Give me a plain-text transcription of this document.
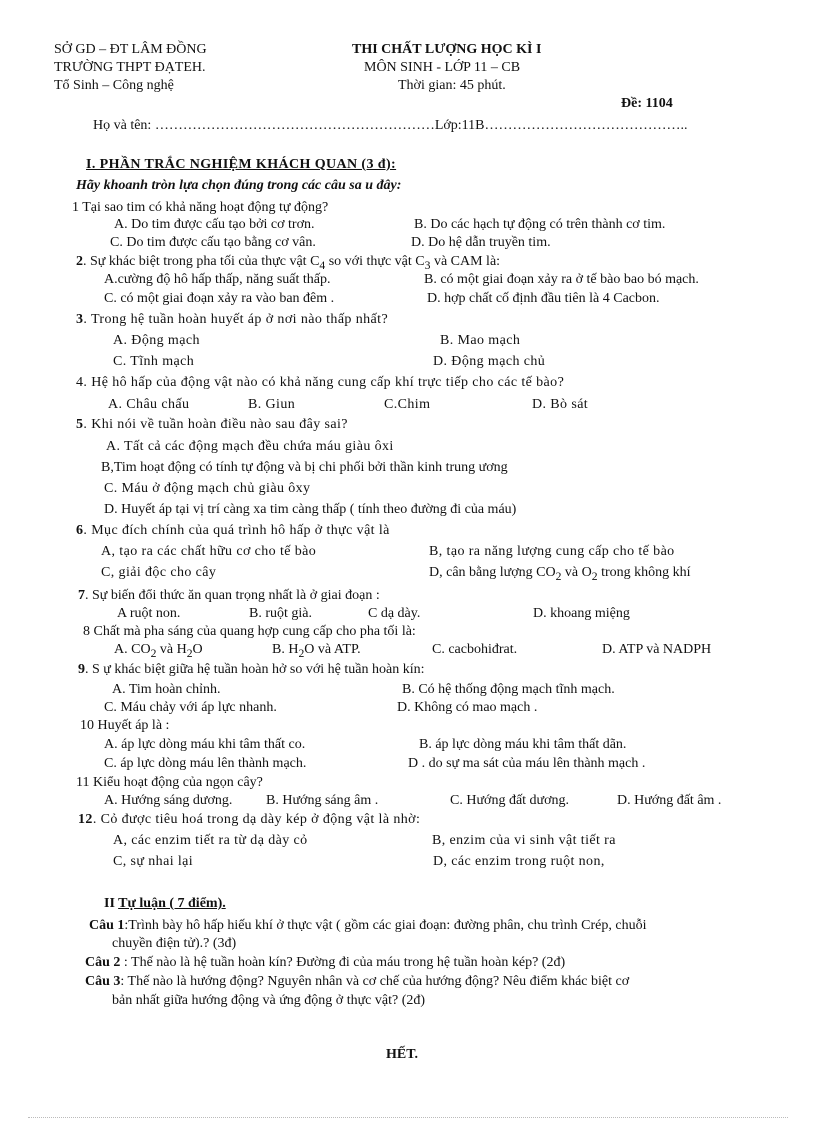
SỞ GD – ĐT LÂM ĐỒNG
TRƯỜNG THPT ĐẠTEH.
Tổ Sinh – Công nghệ
THI CHẤT LƯỢNG HỌC KÌ I
MÔN SINH - LỚP 11 – CB
Thời gian: 45 phút.
Đề: 1104
Họ và tên: ……………………………………………………Lớp:11B……………………………………..
I. PHẦN TRẮC NGHIỆM KHÁCH QUAN (3 đ):
Hãy khoanh tròn lựa chọn đúng trong các câu sa u đây:
1 Tại sao tim có khả năng hoạt động tự động?
A. Do tim được cấu tạo bởi cơ trơn.	B. Do các hạch tự động có trên thành cơ tim.
C. Do tim được cấu tạo bằng cơ vân.	D. Do hệ dẫn truyền tim.
2. Sự khác biệt trong pha tối của thực vật $C_4$ so với thực vật $C_3$ và CAM là:
A.cường độ hô hấp thấp, năng suất thấp.	B. có một giai đoạn xảy ra ở tế bào bao bó mạch.
C. có một giai đoạn xảy ra vào ban đêm .	D. hợp chất cố định đầu tiên là 4 Cacbon.
3. Trong hệ tuần hoàn huyết áp ở nơi nào thấp nhất?
A. Động mạch	B. Mao mạch
C. Tĩnh mạch	D. Động mạch chủ
4. Hệ hô hấp của động vật nào có khả năng cung cấp khí trực tiếp cho các tế bào?
A. Châu chấu	B. Giun	C.Chim	D. Bò sát
5. Khi nói về tuần hoàn điều nào sau đây sai?
A. Tất cả các động mạch đều chứa máu giàu ôxi
B,Tim hoạt động có tính tự động và bị chi phối bởi thần kinh trung ương
C. Máu ở động mạch chủ giàu ôxy
D. Huyết áp tại vị trí càng xa tim càng thấp ( tính theo đường đi của máu)
6. Mục đích chính của quá trình hô hấp ở thực vật là
A, tạo ra các chất hữu cơ cho tế bào	B, tạo ra năng lượng cung cấp cho tế bào
C, giải độc cho cây	D, cân bằng lượng $CO_2$ và $O_2$ trong không khí
7. Sự biến đổi thức ăn quan trọng nhất là ở giai đoạn :
A ruột non.	B. ruột già.	C dạ dày.	D. khoang miệng
8 Chất mà pha sáng của quang hợp cung cấp cho pha tối là:
A. $CO_2$ và $H_2O$	B. $H_2O$ và ATP.	C. cacbohiđrat.	D. ATP và NADPH
9. S ự khác biệt giữa hệ tuần hoàn hở so với hệ tuần hoàn kín:
A. Tim hoàn chỉnh.	B. Có hệ thống động mạch tĩnh mạch.
C. Máu chảy với áp lực nhanh.	D. Không có mao mạch .
10 Huyết áp là :
A. áp lực dòng máu khi tâm thất co.	B. áp lực dòng máu khi tâm thất dãn.
C. áp lực dòng máu lên thành mạch.	D . do sự ma sát của máu lên thành mạch .
11 Kiểu hoạt động của ngọn cây?
A. Hướng sáng dương. B. Hướng sáng âm .	C. Hướng đất dương.	D. Hướng đất âm .
12. Cỏ được tiêu hoá trong dạ dày kép ở động vật là nhờ:
A, các enzim tiết ra từ dạ dày cỏ	B, enzim của vi sinh vật tiết ra
C, sự nhai lại	D, các enzim trong ruột non,
II Tự luận ( 7 điểm).
Câu 1:Trình bày hô hấp hiếu khí ở thực vật ( gồm các giai đoạn: đường phân, chu trình Crép, chuỗi
chuyền điện tử).? (3đ)
Câu 2 : Thế nào là hệ tuần hoàn kín? Đường đi của máu trong hệ tuần hoàn kép? (2đ)
Câu 3: Thế nào là hướng động? Nguyên nhân và cơ chế của hướng động? Nêu điểm khác biệt cơ
bản nhất giữa hướng động và ứng động ở thực vật? (2đ)
HẾT.
